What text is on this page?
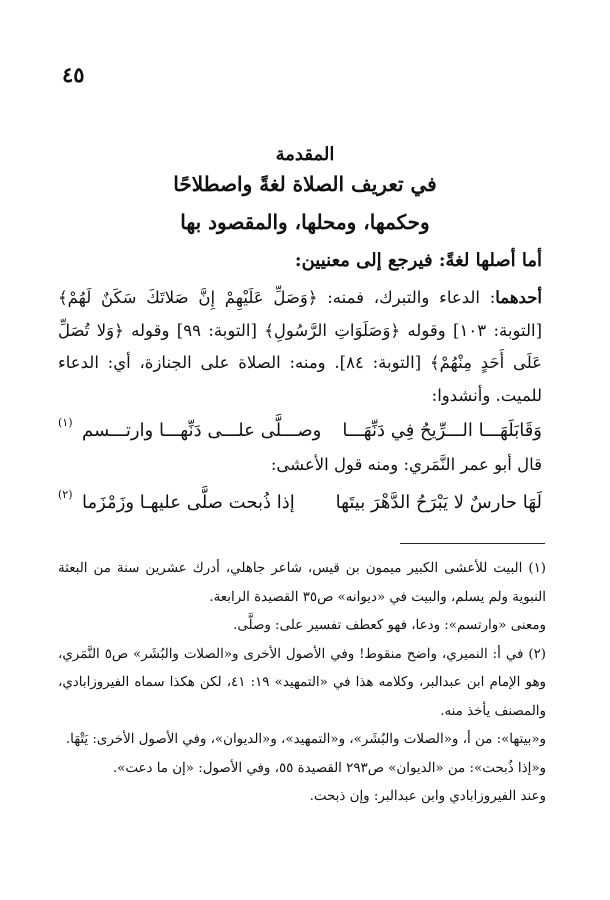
٤٥
المقدمة
في تعريف الصلاة لغةً واصطلاحًا
وحكمها، ومحلها، والمقصود بها
أما أصلها لغةً: فيرجع إلى معنيين:
أحدهما: الدعاء والتبرك، فمنه: ﴿وَصَلِّ عَلَيْهِمْ إِنَّ صَلاتَكَ سَكَنٌ لَهُمْ﴾ [التوبة: ١٠٣] وقوله ﴿وَصَلَوَاتِ الرَّسُولِ﴾ [التوبة: ٩٩] وقوله ﴿وَلا تُصَلِّ عَلَى أَحَدٍ مِنْهُمْ﴾ [التوبة: ٨٤]. ومنه: الصلاة على الجنازة، أي: الدعاء للميت. وأنشدوا:
وَقَابَلَهَـــا الـــرِّيحُ فِي دَنِّهَـــا
وصـــلَّى علـــى دَنِّهـــا وارتـــسم
(١)
قال أبو عمر النَّمَري: ومنه قول الأعشى:
لَهَا حارسٌ لا يَبْرَحُ الدَّهْرَ بيتَها
إذا ذُبحت صلَّى عليهـا وزَمْزَما
(٢)

(١) البيت للأعشى الكبير ميمون بن قيس، شاعر جاهلي، أدرك عشرين سنة من البعثة النبوية ولم يسلم، والبيت في «ديوانه» ص٣٥ القصيدة الرابعة.

ومعنى «وارتسم»: ودعا، فهو كعطف تفسير على: وصلَّى.

(٢) في أ: النميري، واضح منقوط! وفي الأصول الأخرى و«الصلات والبُشَر» ص٥ النَّمَري، وهو الإمام ابن عبدالبر، وكلامه هذا في «التمهيد» ١٩: ٤١، لكن هكذا سماه الفيروزابادي، والمصنف يأخذ منه.

و«بيتها»: من أ، و«الصلات والبُشَر»، و«التمهيد»، و«الديوان»، وفي الأصول الأخرى: يَتْهَا.

و«إذا ذُبحت»: من «الديوان» ص٢٩٣ القصيدة ٥٥، وفي الأصول: «إن ما دعت».

وعند الفيروزابادي وابن عبدالبر: وإن ذبحت.
